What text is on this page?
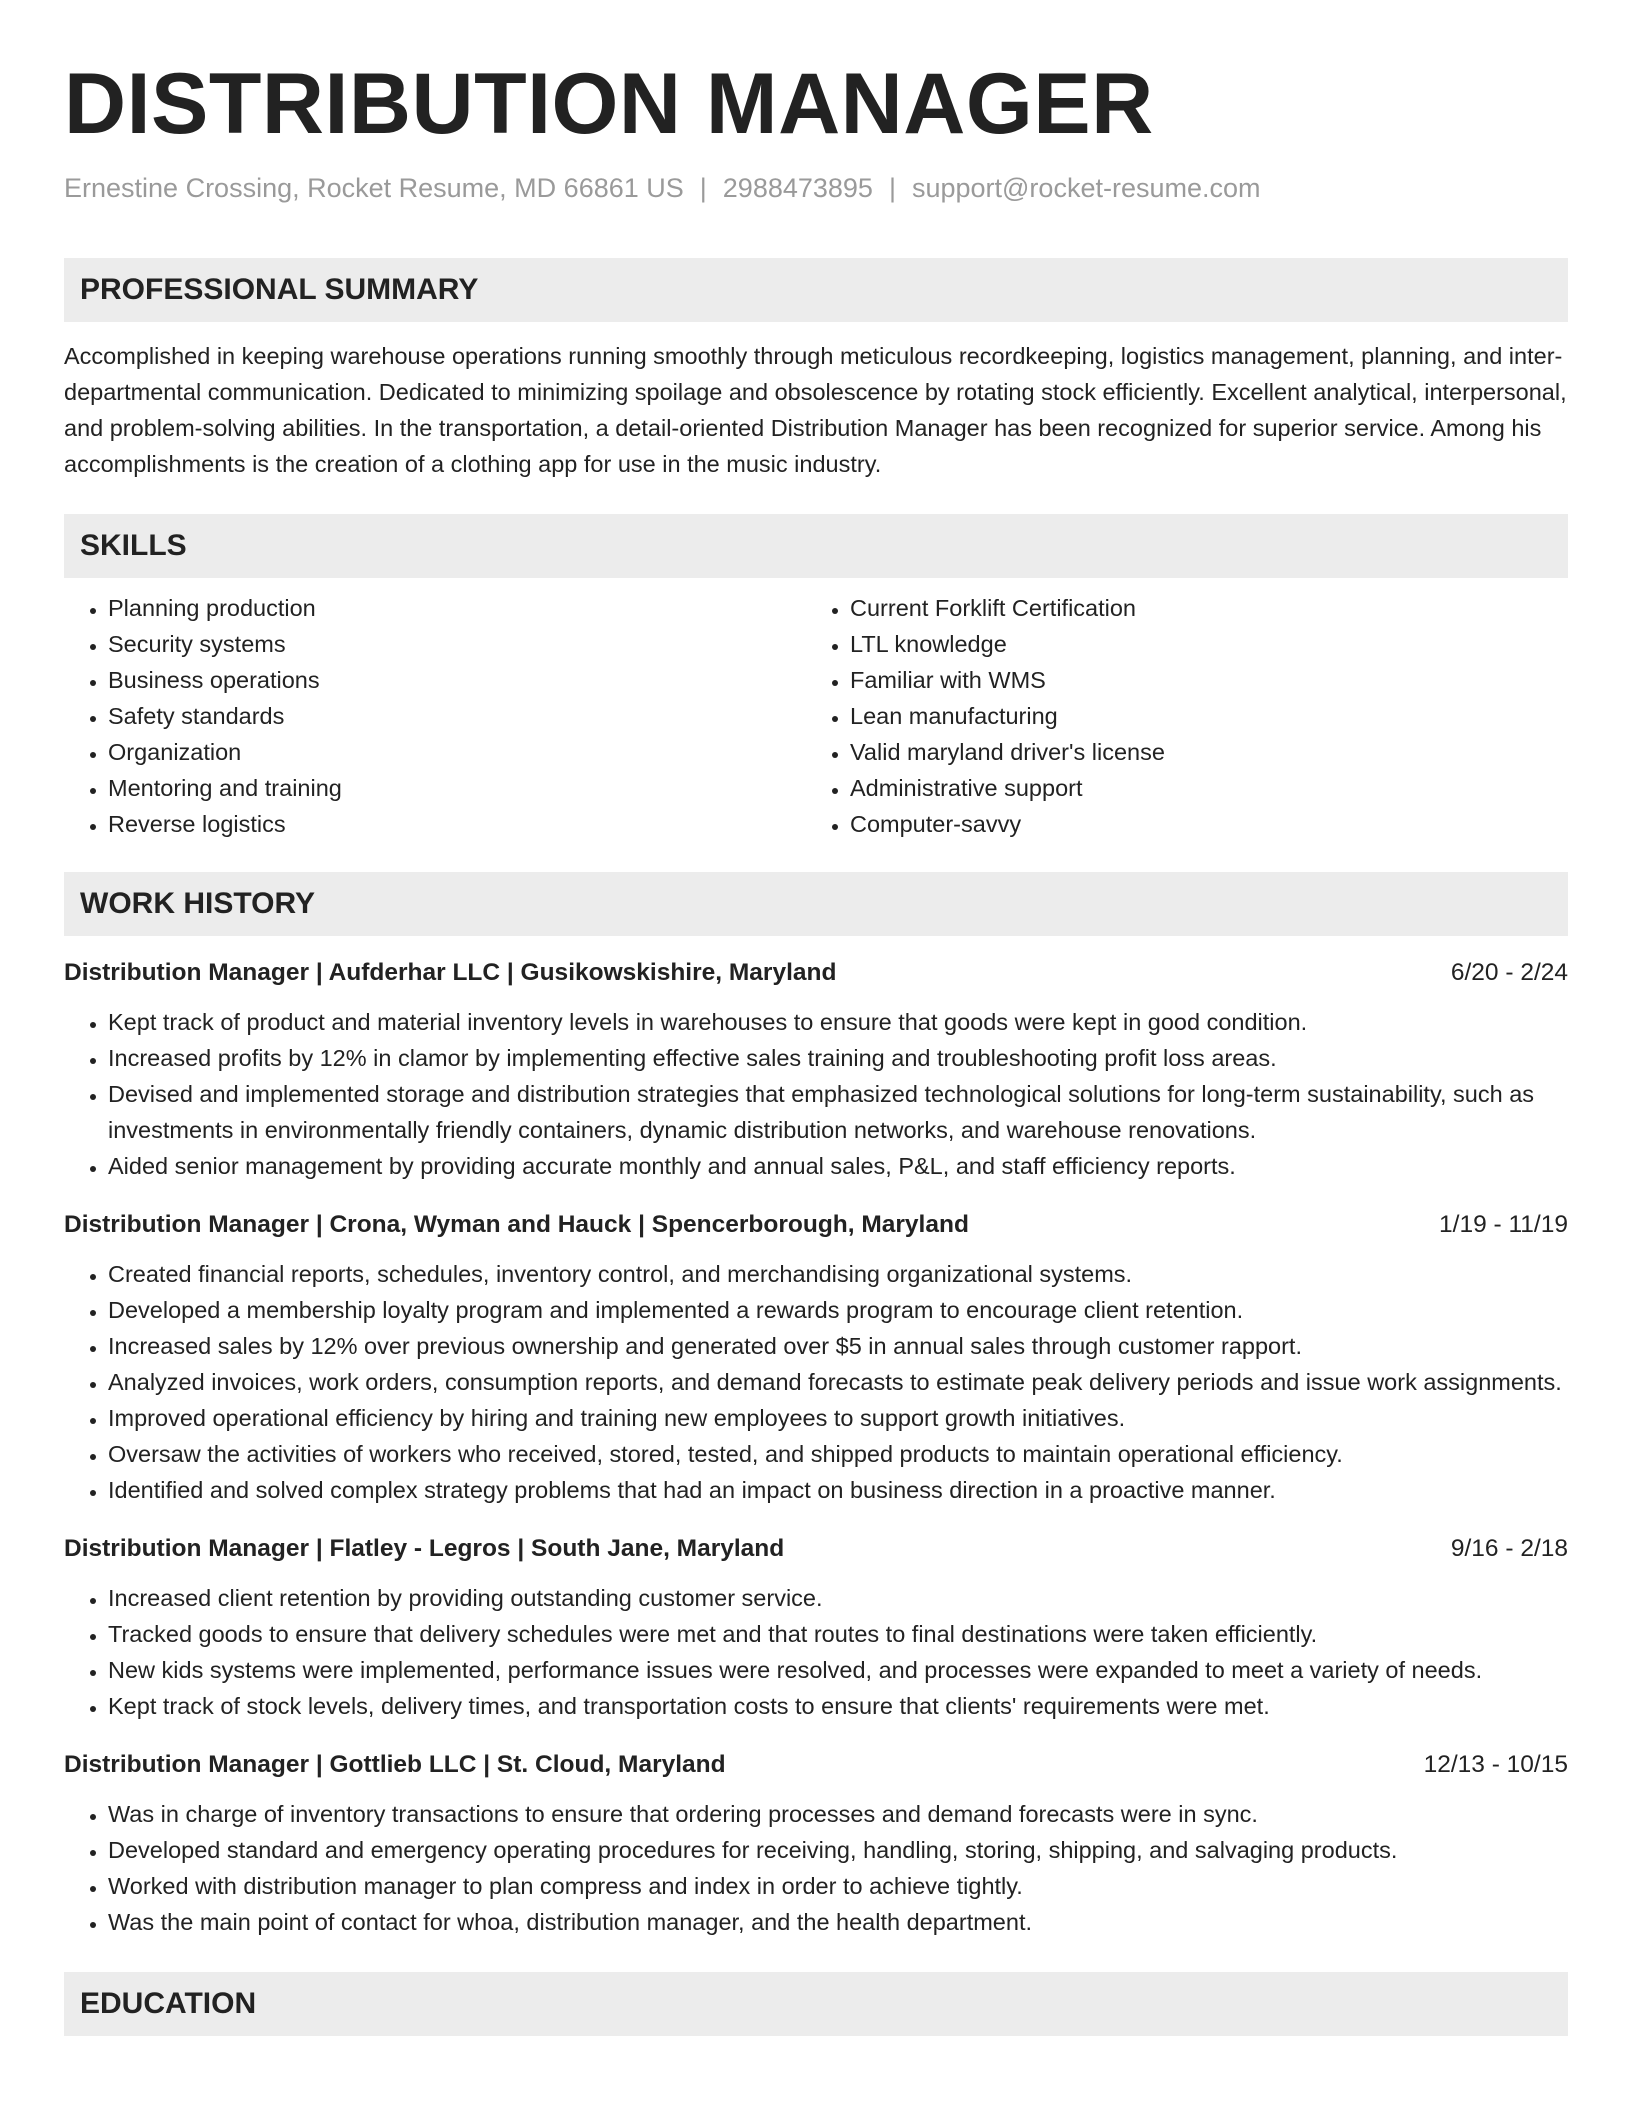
DISTRIBUTION MANAGER
Ernestine Crossing, Rocket Resume, MD 66861 US | 2988473895 | support@rocket-resume.com
PROFESSIONAL SUMMARY

Accomplished in keeping warehouse operations running smoothly through meticulous recordkeeping, logistics management, planning, and inter-departmental communication. Dedicated to minimizing spoilage and obsolescence by rotating stock efficiently. Excellent analytical, interpersonal, and problem-solving abilities. In the transportation, a detail-oriented Distribution Manager has been recognized for superior service. Among his accomplishments is the creation of a clothing app for use in the music industry.

SKILLS
• Planning production
• Security systems
• Business operations
• Safety standards
• Organization
• Mentoring and training
• Reverse logistics
• Current Forklift Certification
• LTL knowledge
• Familiar with WMS
• Lean manufacturing
• Valid maryland driver's license
• Administrative support
• Computer-savvy
WORK HISTORY
Distribution Manager | Aufderhar LLC | Gusikowskishire, Maryland	6/20 - 2/24
• Kept track of product and material inventory levels in warehouses to ensure that goods were kept in good condition.
• Increased profits by 12% in clamor by implementing effective sales training and troubleshooting profit loss areas.
• Devised and implemented storage and distribution strategies that emphasized technological solutions for long-term sustainability, such as investments in environmentally friendly containers, dynamic distribution networks, and warehouse renovations.
• Aided senior management by providing accurate monthly and annual sales, P&L, and staff efficiency reports.
Distribution Manager | Crona, Wyman and Hauck | Spencerborough, Maryland	1/19 - 11/19
• Created financial reports, schedules, inventory control, and merchandising organizational systems.
• Developed a membership loyalty program and implemented a rewards program to encourage client retention.
• Increased sales by 12% over previous ownership and generated over $5 in annual sales through customer rapport.
• Analyzed invoices, work orders, consumption reports, and demand forecasts to estimate peak delivery periods and issue work assignments.
• Improved operational efficiency by hiring and training new employees to support growth initiatives.
• Oversaw the activities of workers who received, stored, tested, and shipped products to maintain operational efficiency.
• Identified and solved complex strategy problems that had an impact on business direction in a proactive manner.
Distribution Manager | Flatley - Legros | South Jane, Maryland	9/16 - 2/18
• Increased client retention by providing outstanding customer service.
• Tracked goods to ensure that delivery schedules were met and that routes to final destinations were taken efficiently.
• New kids systems were implemented, performance issues were resolved, and processes were expanded to meet a variety of needs.
• Kept track of stock levels, delivery times, and transportation costs to ensure that clients' requirements were met.
Distribution Manager | Gottlieb LLC | St. Cloud, Maryland	12/13 - 10/15
• Was in charge of inventory transactions to ensure that ordering processes and demand forecasts were in sync.
• Developed standard and emergency operating procedures for receiving, handling, storing, shipping, and salvaging products.
• Worked with distribution manager to plan compress and index in order to achieve tightly.
• Was the main point of contact for whoa, distribution manager, and the health department.
EDUCATION
